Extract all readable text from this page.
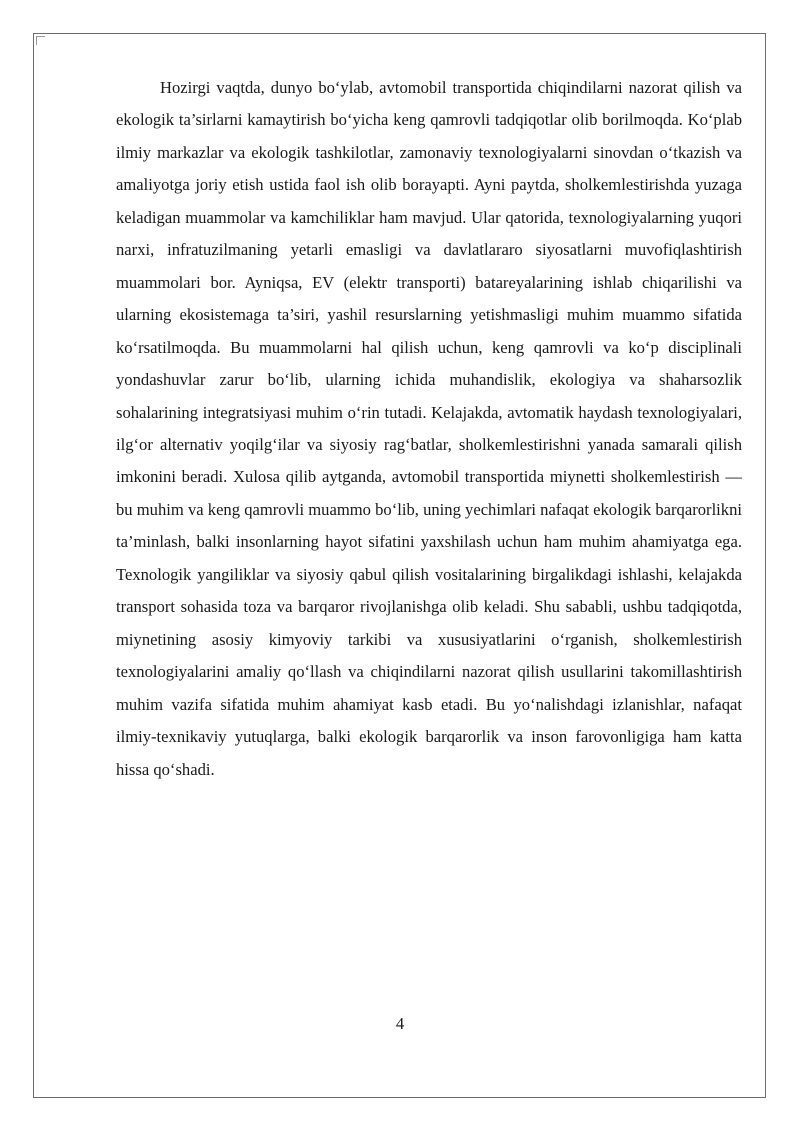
Hozirgi vaqtda, dunyo bo‘ylab, avtomobil transportida chiqindilarni nazorat qilish va ekologik ta’sirlarni kamaytirish bo‘yicha keng qamrovli tadqiqotlar olib borilmoqda. Ko‘plab ilmiy markazlar va ekologik tashkilotlar, zamonaviy texnologiyalarni sinovdan o‘tkazish va amaliyotga joriy etish ustida faol ish olib borayapti. Ayni paytda, sholkemlestirishda yuzaga keladigan muammolar va kamchiliklar ham mavjud. Ular qatorida, texnologiyalarning yuqori narxi, infratuzilmaning yetarli emasligi va davlatlararo siyosatlarni muvofiqlashtirish muammolari bor. Ayniqsa, EV (elektr transporti) batareyalarining ishlab chiqarilishi va ularning ekosistemaga ta’siri, yashil resurslarning yetishmasligi muhim muammo sifatida ko‘rsatilmoqda. Bu muammolarni hal qilish uchun, keng qamrovli va ko‘p disciplinali yondashuvlar zarur bo‘lib, ularning ichida muhandislik, ekologiya va shaharsozlik sohalarining integratsiyasi muhim o‘rin tutadi. Kelajakda, avtomatik haydash texnologiyalari, ilg‘or alternativ yoqilg‘ilar va siyosiy rag‘batlar, sholkemlestirishni yanada samarali qilish imkonini beradi. Xulosa qilib aytganda, avtomobil transportida miynetti sholkemlestirish — bu muhim va keng qamrovli muammo bo‘lib, uning yechimlari nafaqat ekologik barqarorlikni ta’minlash, balki insonlarning hayot sifatini yaxshilash uchun ham muhim ahamiyatga ega. Texnologik yangiliklar va siyosiy qabul qilish vositalarining birgalikdagi ishlashi, kelajakda transport sohasida toza va barqaror rivojlanishga olib keladi. Shu sababli, ushbu tadqiqotda, miynetining asosiy kimyoviy tarkibi va xususiyatlarini o‘rganish, sholkemlestirish texnologiyalarini amaliy qo‘llash va chiqindilarni nazorat qilish usullarini takomillashtirish muhim vazifa sifatida muhim ahamiyat kasb etadi. Bu yo‘nalishdagi izlanishlar, nafaqat ilmiy-texnikaviy yutuqlarga, balki ekologik barqarorlik va inson farovonligiga ham katta hissa qo‘shadi.

4
